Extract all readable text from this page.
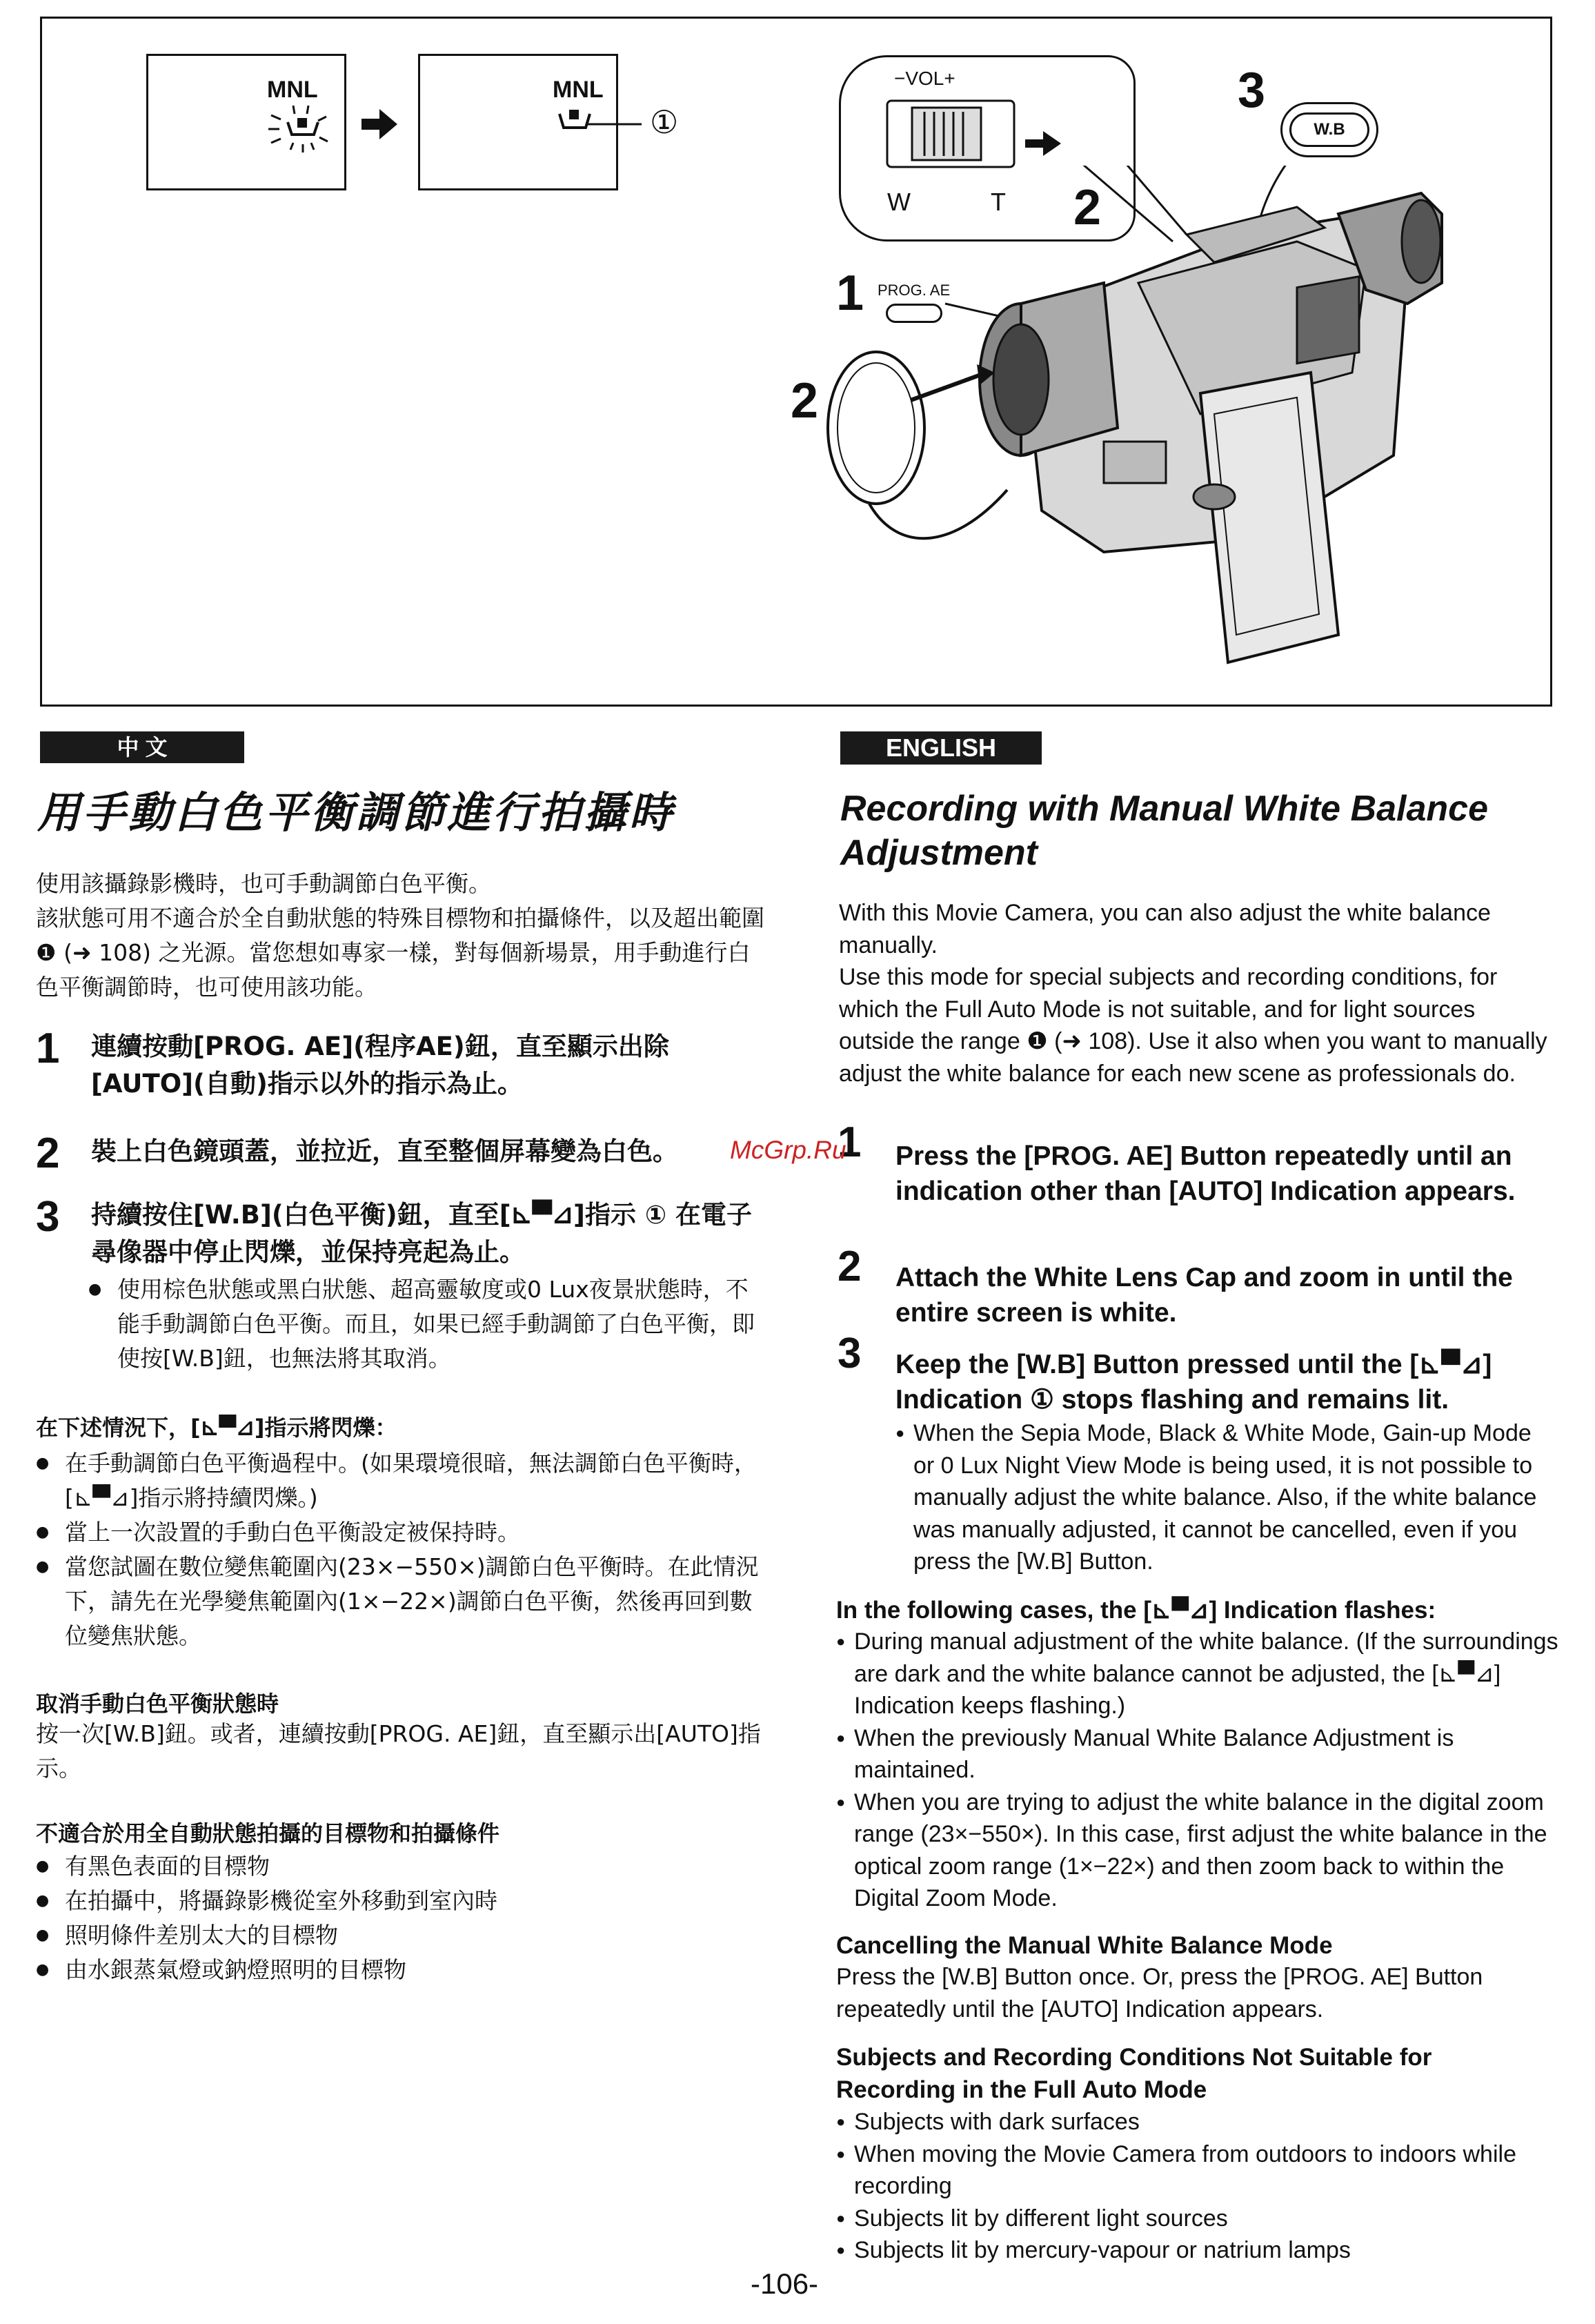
MNL	MNL
①
−VOL+
W	T 2
3
W.B
1 PROG. AE
2
中 文
用手動白色平衡調節進行拍攝時
使用該攝錄影機時，也可手動調節白色平衡。
該狀態可用不適合於全自動狀態的特殊目標物和拍攝條件，以及超出範圍 ❶ (➜ 108) 之光源。當您想如專家一樣，對每個新場景，用手動進行白色平衡調節時，也可使用該功能。
1 連續按動[PROG. AE](程序AE)鈕，直至顯示出除[AUTO](自動)指示以外的指示為止。
2 裝上白色鏡頭蓋，並拉近，直至整個屏幕變為白色。
3 持續按住[W.B](白色平衡)鈕，直至[⊾▀⊿]指示 ① 在電子尋像器中停止閃爍，並保持亮起為止。
● 使用棕色狀態或黑白狀態、超高靈敏度或0 Lux夜景狀態時，不能手動調節白色平衡。而且，如果已經手動調節了白色平衡，即使按[W.B]鈕，也無法將其取消。
在下述情況下，[⊾▀⊿]指示將閃爍：
● 在手動調節白色平衡過程中。(如果環境很暗，無法調節白色平衡時，[⊾▀⊿]指示將持續閃爍。)
● 當上一次設置的手動白色平衡設定被保持時。
● 當您試圖在數位變焦範圍內(23×−550×)調節白色平衡時。在此情況下，請先在光學變焦範圍內(1×−22×)調節白色平衡，然後再回到數位變焦狀態。
取消手動白色平衡狀態時
按一次[W.B]鈕。或者，連續按動[PROG. AE]鈕，直至顯示出[AUTO]指示。
不適合於用全自動狀態拍攝的目標物和拍攝條件
● 有黑色表面的目標物
● 在拍攝中，將攝錄影機從室外移動到室內時
● 照明條件差別太大的目標物
● 由水銀蒸氣燈或鈉燈照明的目標物
ENGLISH
Recording with Manual White Balance Adjustment
With this Movie Camera, you can also adjust the white balance manually.
Use this mode for special subjects and recording conditions, for which the Full Auto Mode is not suitable, and for light sources outside the range ❶ (➜ 108). Use it also when you want to manually adjust the white balance for each new scene as professionals do.
1 Press the [PROG. AE] Button repeatedly until an indication other than [AUTO] Indication appears.
2 Attach the White Lens Cap and zoom in until the entire screen is white.
3 Keep the [W.B] Button pressed until the [⊾▀⊿] Indication ① stops flashing and remains lit.
● When the Sepia Mode, Black & White Mode, Gain-up Mode or 0 Lux Night View Mode is being used, it is not possible to manually adjust the white balance. Also, if the white balance was manually adjusted, it cannot be cancelled, even if you press the [W.B] Button.
In the following cases, the [⊾▀⊿] Indication flashes:
● During manual adjustment of the white balance. (If the surroundings are dark and the white balance cannot be adjusted, the [⊾▀⊿] Indication keeps flashing.)
● When the previously Manual White Balance Adjustment is maintained.
● When you are trying to adjust the white balance in the digital zoom range (23×−550×). In this case, first adjust the white balance in the optical zoom range (1×−22×) and then zoom back to within the Digital Zoom Mode.
Cancelling the Manual White Balance Mode
Press the [W.B] Button once. Or, press the [PROG. AE] Button repeatedly until the [AUTO] Indication appears.
Subjects and Recording Conditions Not Suitable for Recording in the Full Auto Mode
● Subjects with dark surfaces
● When moving the Movie Camera from outdoors to indoors while recording
● Subjects lit by different light sources
● Subjects lit by mercury-vapour or natrium lamps
-106-
McGrp.Ru
